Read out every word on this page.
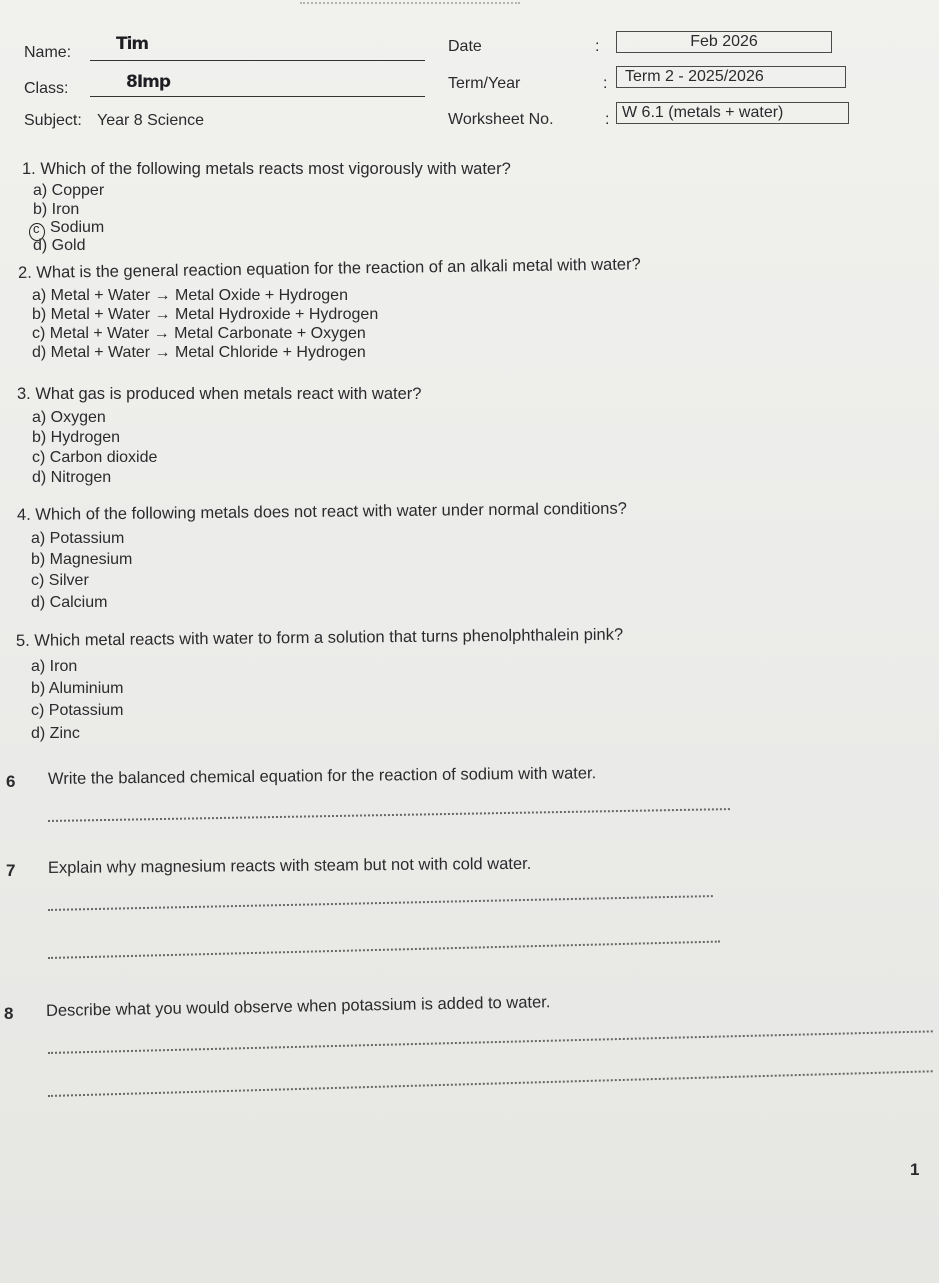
Name:	Tim
Class:	8Imp
Subject: Year 8 Science
Date	:	Feb 2026
Term/Year	:	Term 2 - 2025/2026
Worksheet No.	: W 6.1 (metals + water)
1. Which of the following metals reacts most vigorously with water?
a) Copper
b) Iron
c Sodium
d) Gold
2. What is the general reaction equation for the reaction of an alkali metal with water?
a) Metal + Water → Metal Oxide + Hydrogen
b) Metal + Water → Metal Hydroxide + Hydrogen
c) Metal + Water → Metal Carbonate + Oxygen
d) Metal + Water → Metal Chloride + Hydrogen
3. What gas is produced when metals react with water?
a) Oxygen
b) Hydrogen
c) Carbon dioxide
d) Nitrogen
4. Which of the following metals does not react with water under normal conditions?
a) Potassium
b) Magnesium
c) Silver
d) Calcium
5. Which metal reacts with water to form a solution that turns phenolphthalein pink?
a) Iron
b) Aluminium
c) Potassium
d) Zinc
6 Write the balanced chemical equation for the reaction of sodium with water.
7 Explain why magnesium reacts with steam but not with cold water.
8 Describe what you would observe when potassium is added to water.
1
